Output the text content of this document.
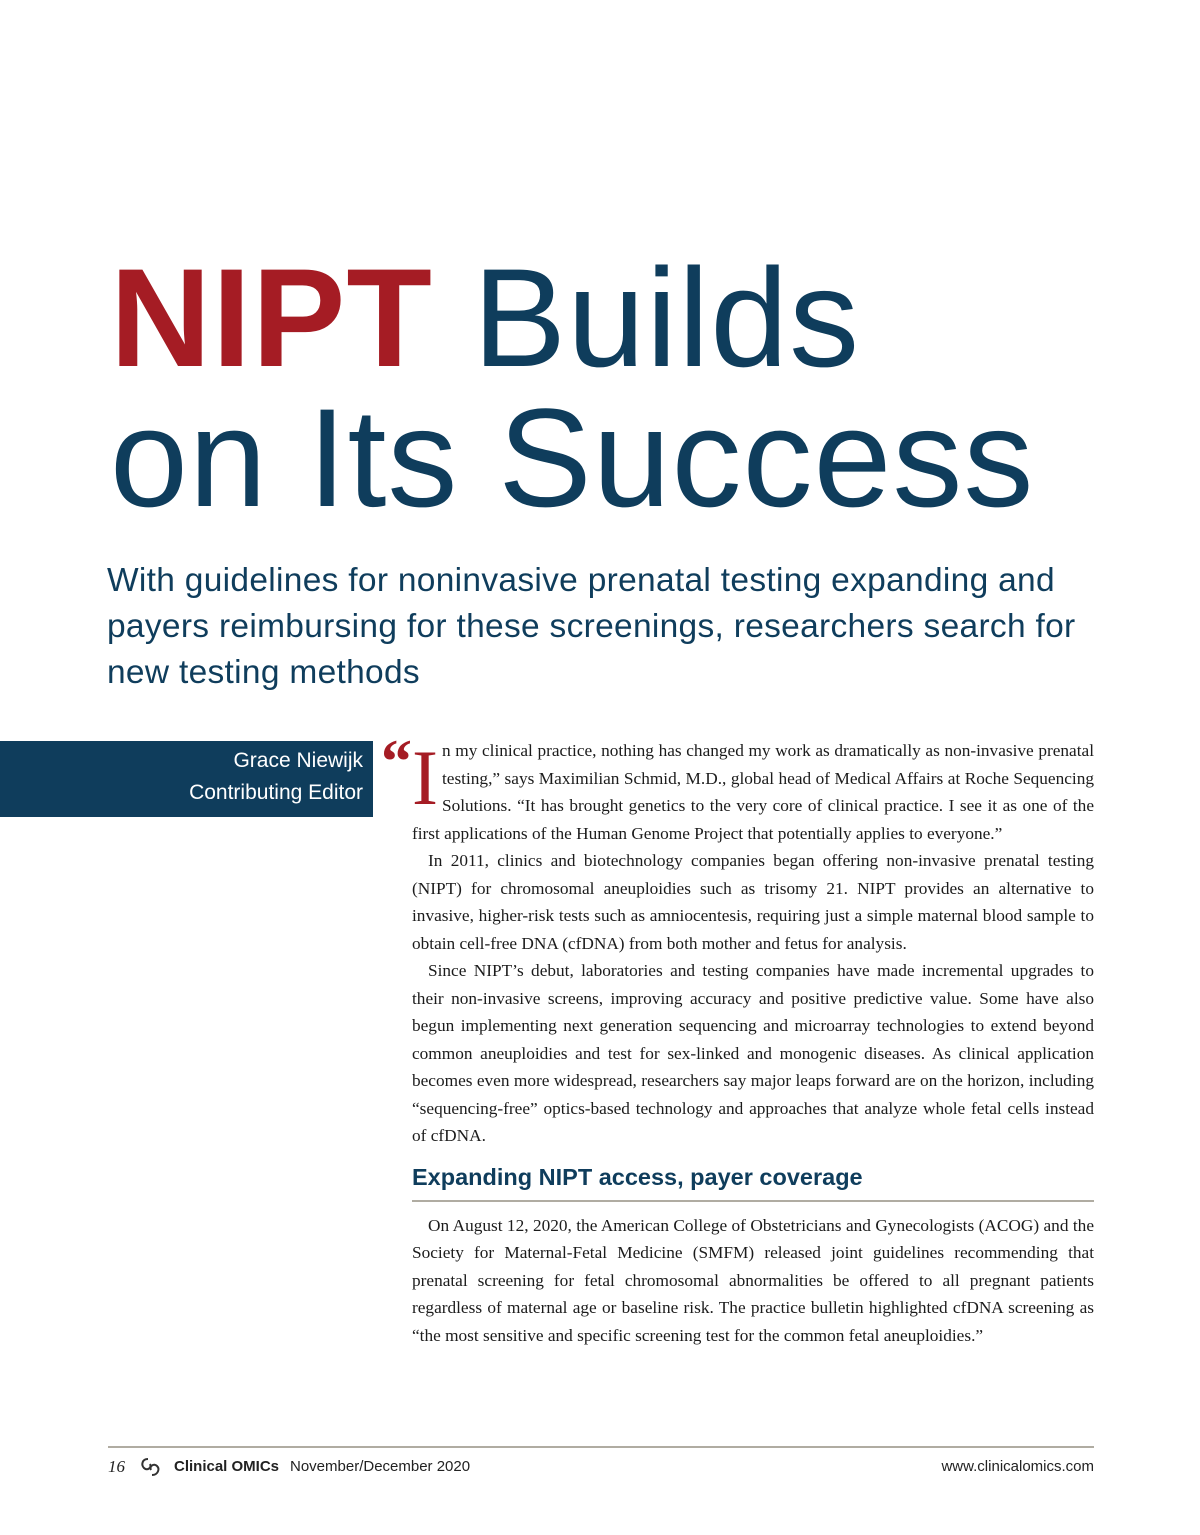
NIPT Builds
on Its Success

With guidelines for noninvasive prenatal testing expanding and payers reimbursing for these screenings, researchers search for new testing methods

Grace Niewijk
Contributing Editor “ In my clinical practice, nothing has changed my work as dramatically as non-invasive prenatal testing,” says Maximilian Schmid, M.D., global head of Medical Affairs at Roche Sequencing Solutions. “It has brought genetics to the very core of clinical practice. I see it as one of the first applications of the Human Genome Project that potentially applies to everyone.”

In 2011, clinics and biotechnology companies began offering non-invasive prenatal testing (NIPT) for chromosomal aneuploidies such as trisomy 21. NIPT provides an alternative to invasive, higher-risk tests such as amniocentesis, requiring just a simple maternal blood sample to obtain cell-free DNA (cfDNA) from both mother and fetus for analysis.

Since NIPT’s debut, laboratories and testing companies have made incremental upgrades to their non-invasive screens, improving accuracy and positive predictive value. Some have also begun implementing next generation sequencing and microarray technologies to extend beyond common aneuploidies and test for sex-linked and monogenic diseases. As clinical application becomes even more widespread, researchers say major leaps forward are on the horizon, including “sequencing-free” optics-based technology and approaches that analyze whole fetal cells instead of cfDNA.

Expanding NIPT access, payer coverage

On August 12, 2020, the American College of Obstetricians and Gynecologists (ACOG) and the Society for Maternal-Fetal Medicine (SMFM) released joint guidelines recommending that prenatal screening for fetal chromosomal abnormalities be offered to all pregnant patients regardless of maternal age or baseline risk. The practice bulletin highlighted cfDNA screening as “the most sensitive and specific screening test for the common fetal aneuploidies.”

16	Clinical OMICs November/December 2020	www.clinicalomics.com
